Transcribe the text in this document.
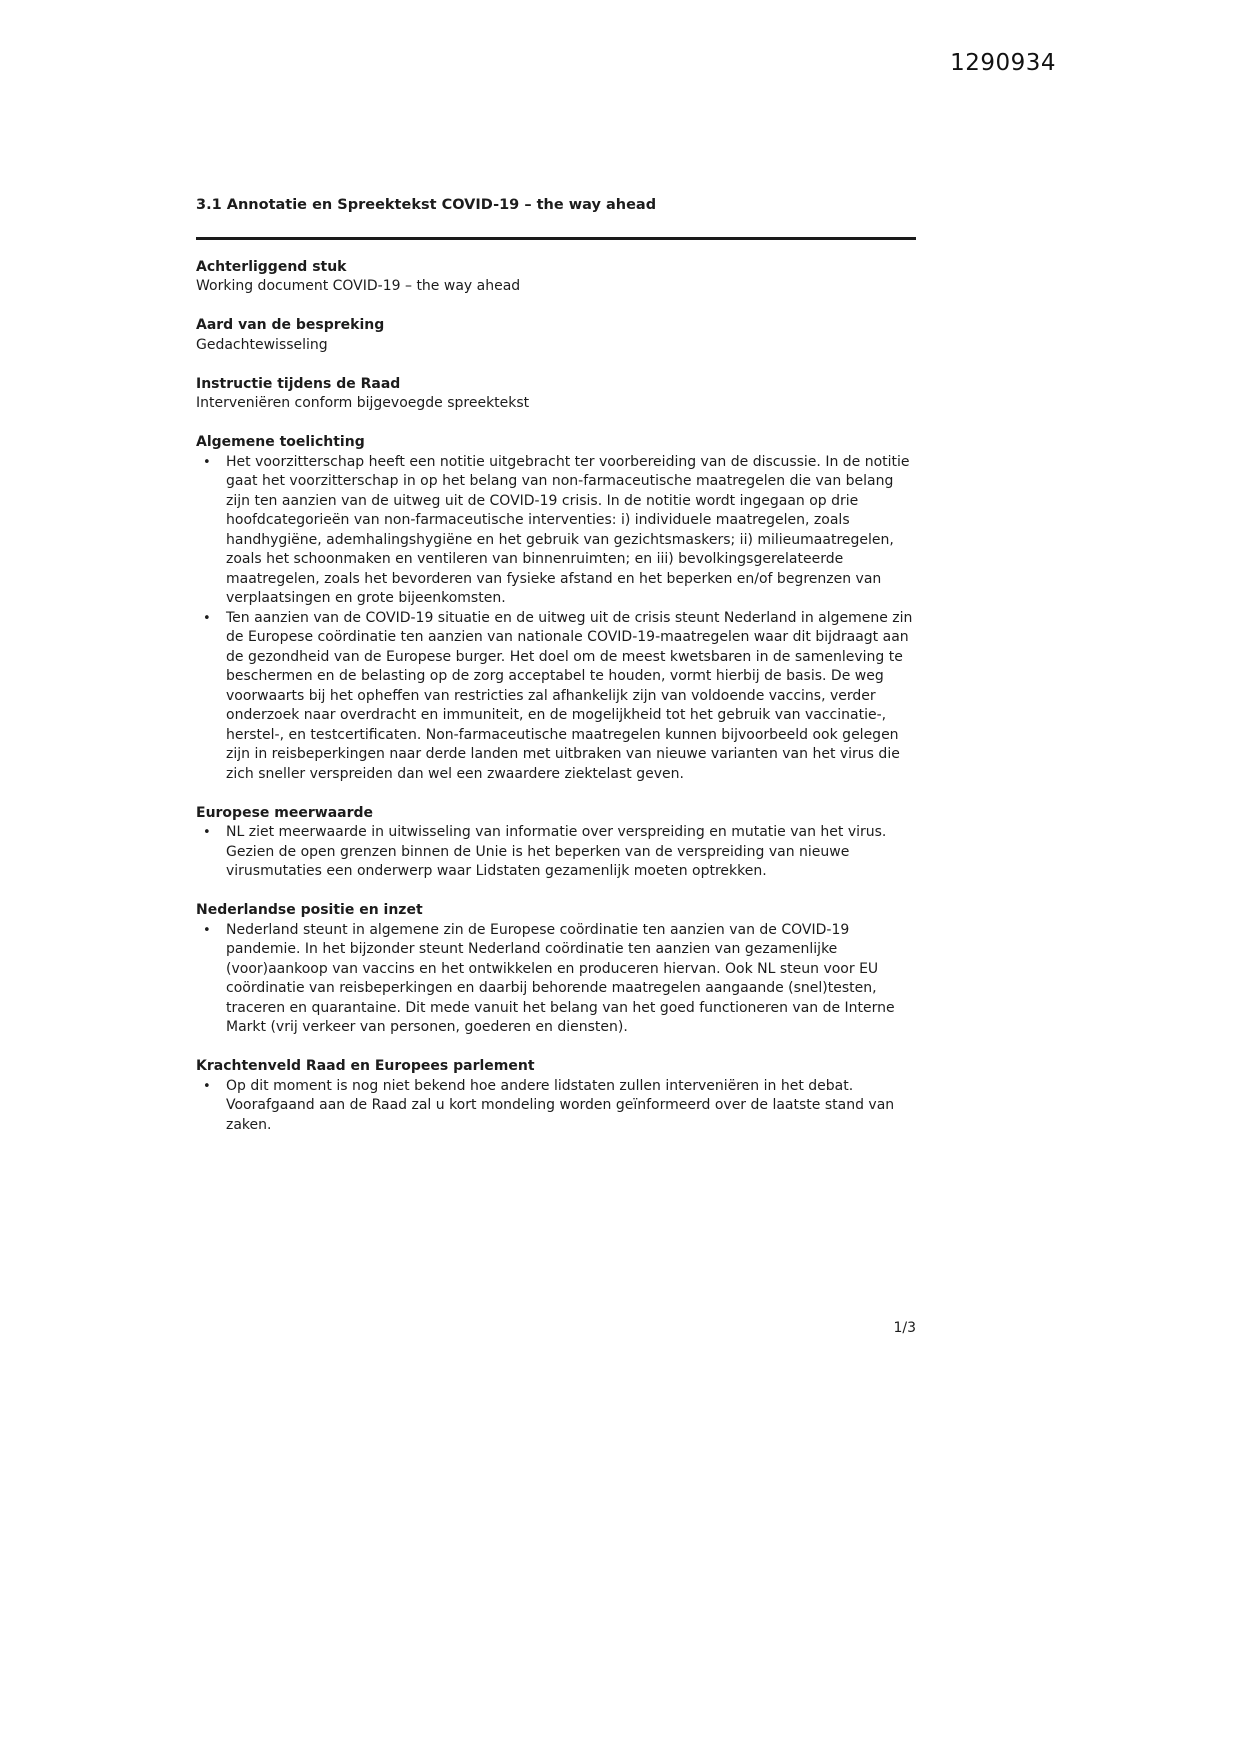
1290934
3.1 Annotatie en Spreektekst COVID-19 – the way ahead
Achterliggend stuk
Working document COVID-19 – the way ahead
Aard van de bespreking
Gedachtewisseling
Instructie tijdens de Raad
Interveniëren conform bijgevoegde spreektekst
Algemene toelichting
•	Het voorzitterschap heeft een notitie uitgebracht ter voorbereiding van de discussie. In de notitie gaat het voorzitterschap in op het belang van non-farmaceutische maatregelen die van belang zijn ten aanzien van de uitweg uit de COVID-19 crisis. In de notitie wordt ingegaan op drie hoofdcategorieën van non-farmaceutische interventies: i) individuele maatregelen, zoals handhygiëne, ademhalingshygiëne en het gebruik van gezichtsmaskers; ii) milieumaatregelen, zoals het schoonmaken en ventileren van binnenruimten; en iii) bevolkingsgerelateerde maatregelen, zoals het bevorderen van fysieke afstand en het beperken en/of begrenzen van verplaatsingen en grote bijeenkomsten.
•	Ten aanzien van de COVID-19 situatie en de uitweg uit de crisis steunt Nederland in algemene zin de Europese coördinatie ten aanzien van nationale COVID-19-maatregelen waar dit bijdraagt aan de gezondheid van de Europese burger. Het doel om de meest kwetsbaren in de samenleving te beschermen en de belasting op de zorg acceptabel te houden, vormt hierbij de basis. De weg voorwaarts bij het opheffen van restricties zal afhankelijk zijn van voldoende vaccins, verder onderzoek naar overdracht en immuniteit, en de mogelijkheid tot het gebruik van vaccinatie-, herstel-, en testcertificaten. Non-farmaceutische maatregelen kunnen bijvoorbeeld ook gelegen zijn in reisbeperkingen naar derde landen met uitbraken van nieuwe varianten van het virus die zich sneller verspreiden dan wel een zwaardere ziektelast geven.
Europese meerwaarde
•	NL ziet meerwaarde in uitwisseling van informatie over verspreiding en mutatie van het virus. Gezien de open grenzen binnen de Unie is het beperken van de verspreiding van nieuwe virusmutaties een onderwerp waar Lidstaten gezamenlijk moeten optrekken.
Nederlandse positie en inzet
•	Nederland steunt in algemene zin de Europese coördinatie ten aanzien van de COVID-19 pandemie. In het bijzonder steunt Nederland coördinatie ten aanzien van gezamenlijke (voor)aankoop van vaccins en het ontwikkelen en produceren hiervan. Ook NL steun voor EU coördinatie van reisbeperkingen en daarbij behorende maatregelen aangaande (snel)testen, traceren en quarantaine. Dit mede vanuit het belang van het goed functioneren van de Interne Markt (vrij verkeer van personen, goederen en diensten).
Krachtenveld Raad en Europees parlement
•	Op dit moment is nog niet bekend hoe andere lidstaten zullen interveniëren in het debat. Voorafgaand aan de Raad zal u kort mondeling worden geïnformeerd over de laatste stand van zaken.
1/3
